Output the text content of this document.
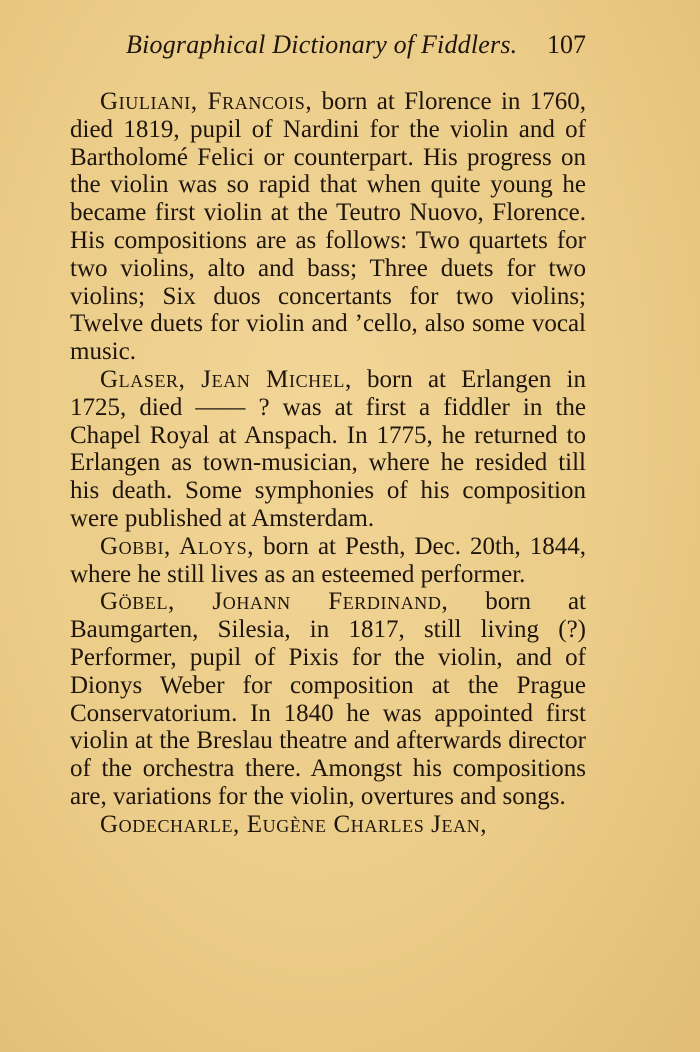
Biographical Dictionary of Fiddlers. 107

Giuliani, Francois, born at Florence in 1760, died 1819, pupil of Nardini for the violin and of Bartholomé Felici or counterpart. His progress on the violin was so rapid that when quite young he became first violin at the Teutro Nuovo, Florence. His compositions are as follows: Two quartets for two violins, alto and bass; Three duets for two violins; Six duos concertants for two violins; Twelve duets for violin and ’cello, also some vocal music.

Glaser, Jean Michel, born at Erlangen in 1725, died —— ? was at first a fiddler in the Chapel Royal at Anspach. In 1775, he returned to Erlangen as town-musician, where he resided till his death. Some symphonies of his composition were published at Amsterdam.

Gobbi, Aloys, born at Pesth, Dec. 20th, 1844, where he still lives as an esteemed performer.

Göbel, Johann Ferdinand, born at Baumgarten, Silesia, in 1817, still living (?) Performer, pupil of Pixis for the violin, and of Dionys Weber for composition at the Prague Conservatorium. In 1840 he was appointed first violin at the Breslau theatre and afterwards director of the orchestra there. Amongst his compositions are, variations for the violin, overtures and songs.

Godecharle, Eugène Charles Jean,
